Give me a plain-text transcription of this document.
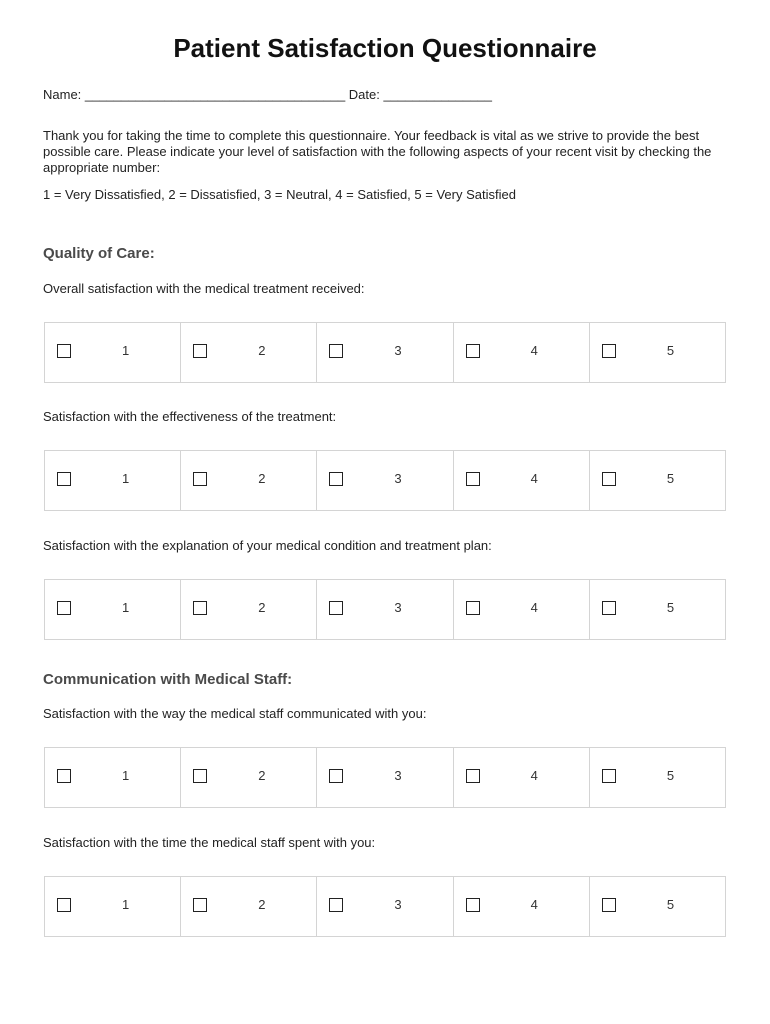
Patient Satisfaction Questionnaire
Name: ____________________________________ Date: _______________

Thank you for taking the time to complete this questionnaire. Your feedback is vital as we strive to provide the best possible care. Please indicate your level of satisfaction with the following aspects of your recent visit by checking the appropriate number:

1 = Very Dissatisfied, 2 = Dissatisfied, 3 = Neutral, 4 = Satisfied, 5 = Very Satisfied

Quality of Care:

Overall satisfaction with the medical treatment received:

1	2	3	4	5

Satisfaction with the effectiveness of the treatment:

1	2	3	4	5

Satisfaction with the explanation of your medical condition and treatment plan:

1	2	3	4	5
Communication with Medical Staff:

Satisfaction with the way the medical staff communicated with you:

1	2	3	4	5

Satisfaction with the time the medical staff spent with you:

1	2	3	4	5
